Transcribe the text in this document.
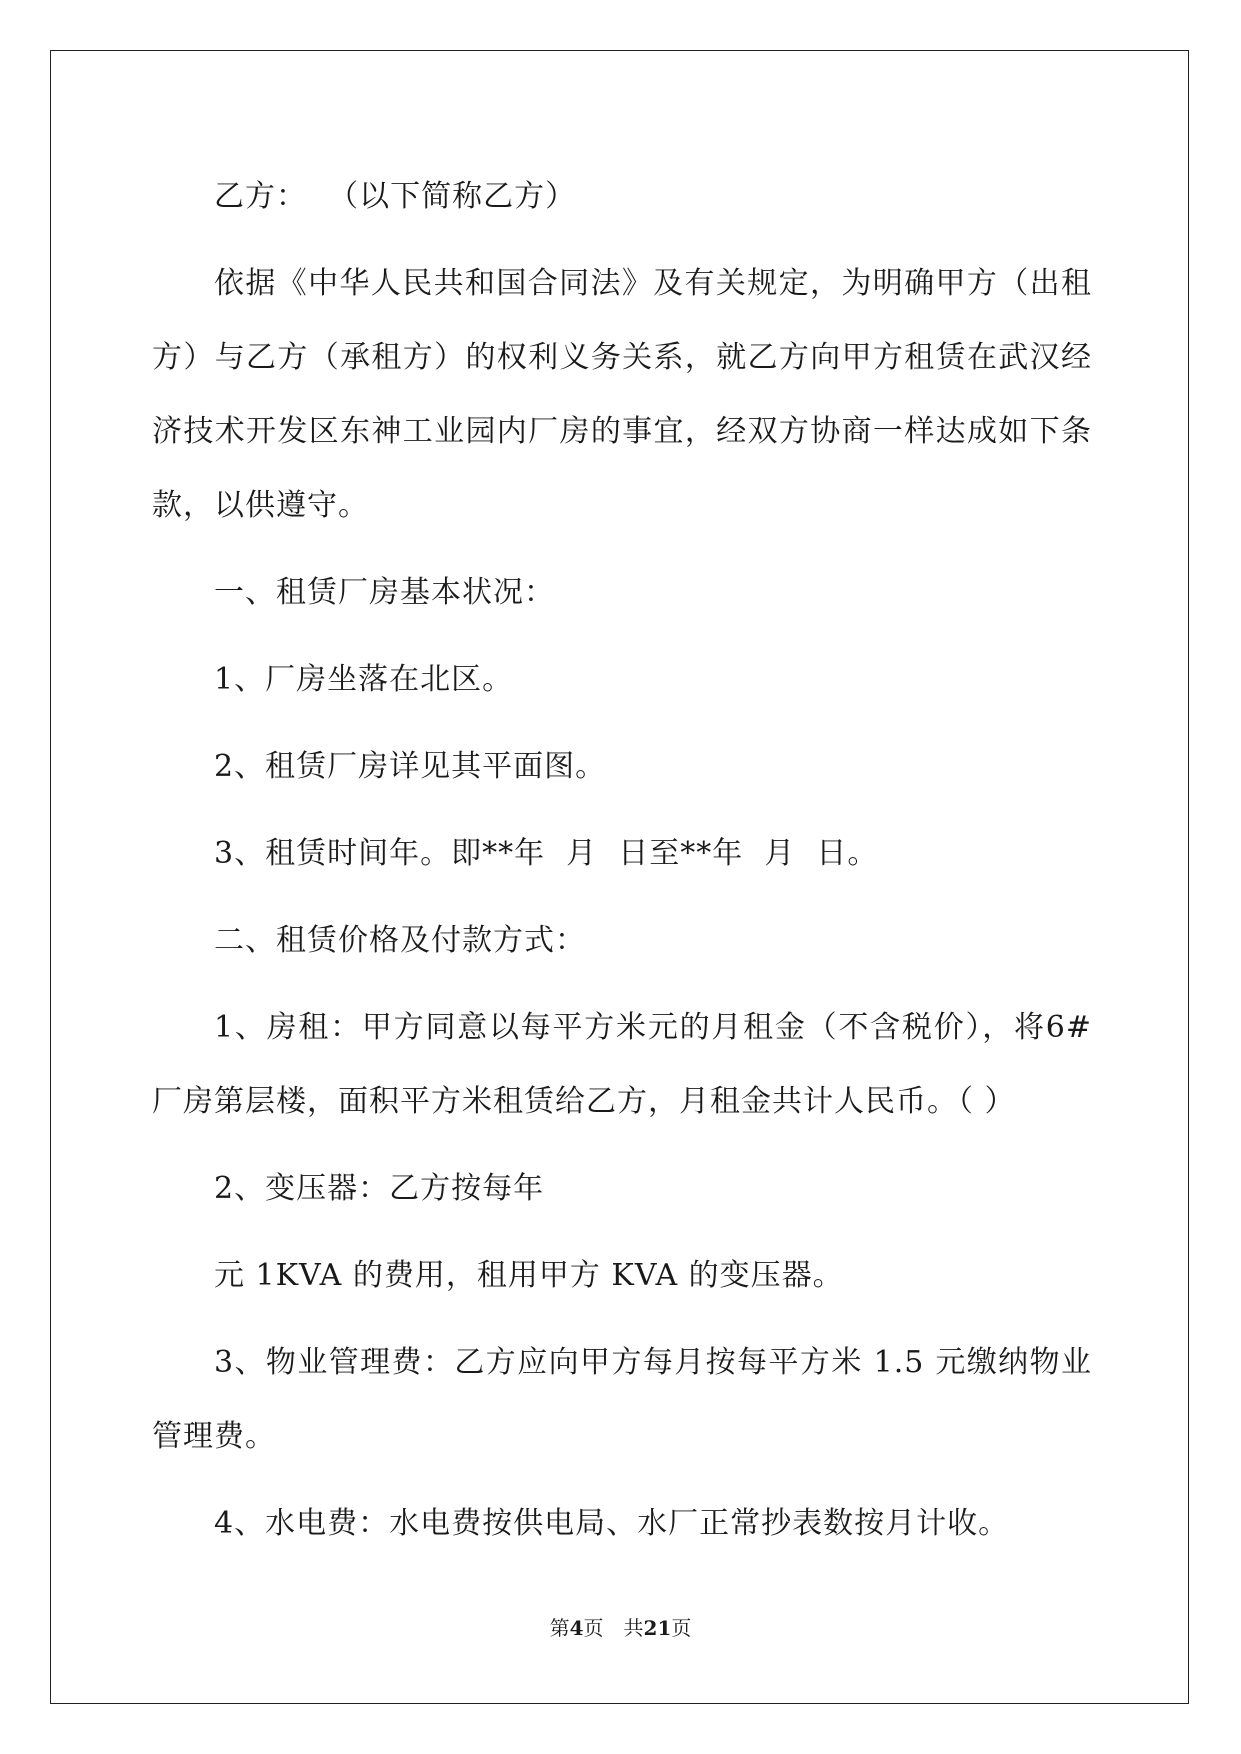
乙方：  （以下简称乙方）

依据《中华人民共和国合同法》及有关规定，为明确甲方（出租方）与乙方（承租方）的权利义务关系，就乙方向甲方租赁在武汉经济技术开发区东神工业园内厂房的事宜，经双方协商一样达成如下条款，以供遵守。

一、租赁厂房基本状况：

1、厂房坐落在北区。

2、租赁厂房详见其平面图。

3、租赁时间年。即**年  月  日至**年  月  日。

二、租赁价格及付款方式：

1、房租：甲方同意以每平方米元的月租金（不含税价），将6#厂房第层楼，面积平方米租赁给乙方，月租金共计人民币。（ ）

2、变压器：乙方按每年

元 1KVA 的费用，租用甲方 KVA 的变压器。

3、物业管理费：乙方应向甲方每月按每平方米 1.5 元缴纳物业管理费。

4、水电费：水电费按供电局、水厂正常抄表数按月计收。

第4页 共21页
